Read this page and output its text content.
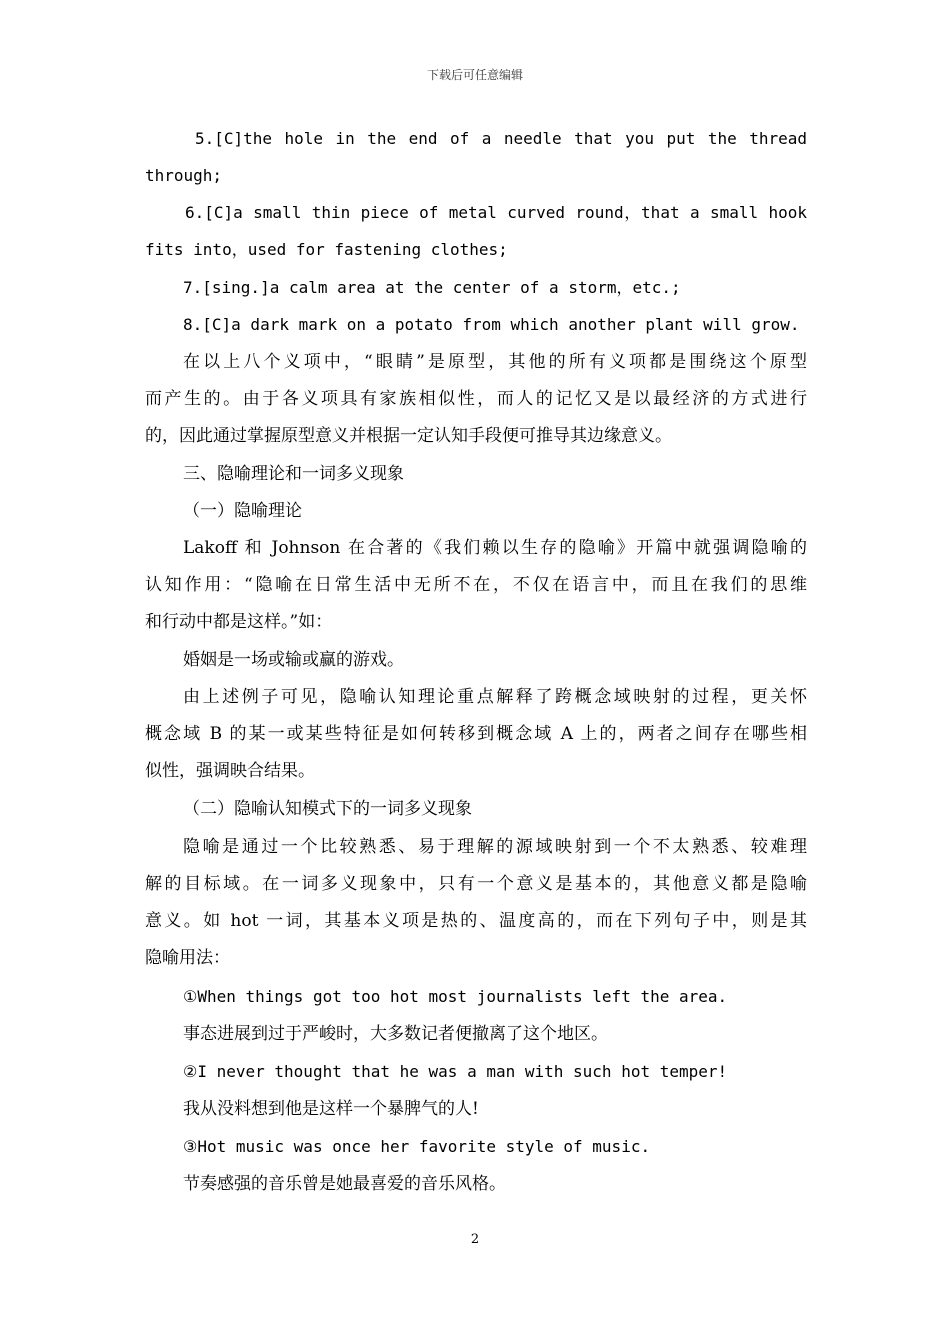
下载后可任意编辑
5.[C]the hole in the end of a needle that you put the thread
through;
6.[C]a small thin piece of metal curved round，that a small hook
fits into，used for fastening clothes;
7.[sing.]a calm area at the center of a storm，etc.;
8.[C]a dark mark on a potato from which another plant will grow.
在以上八个义项中，“眼睛”是原型，其他的所有义项都是围绕这个原型
而产生的。由于各义项具有家族相似性，而人的记忆又是以最经济的方式进行
的，因此通过掌握原型意义并根据一定认知手段便可推导其边缘意义。
三、隐喻理论和一词多义现象
（一）隐喻理论
Lakoff 和 Johnson 在合著的《我们赖以生存的隐喻》开篇中就强调隐喻的
认知作用：“隐喻在日常生活中无所不在，不仅在语言中，而且在我们的思维
和行动中都是这样。”如：
婚姻是一场或输或赢的游戏。
由上述例子可见，隐喻认知理论重点解释了跨概念域映射的过程，更关怀
概念域 B 的某一或某些特征是如何转移到概念域 A 上的，两者之间存在哪些相
似性，强调映合结果。
（二）隐喻认知模式下的一词多义现象
隐喻是通过一个比较熟悉、易于理解的源域映射到一个不太熟悉、较难理
解的目标域。在一词多义现象中，只有一个意义是基本的，其他意义都是隐喻
意义。如 hot 一词，其基本义项是热的、温度高的，而在下列句子中，则是其
隐喻用法：
①When things got too hot most journalists left the area.
事态进展到过于严峻时，大多数记者便撤离了这个地区。
②I never thought that he was a man with such hot temper!
我从没料想到他是这样一个暴脾气的人!
③Hot music was once her favorite style of music.
节奏感强的音乐曾是她最喜爱的音乐风格。
2
